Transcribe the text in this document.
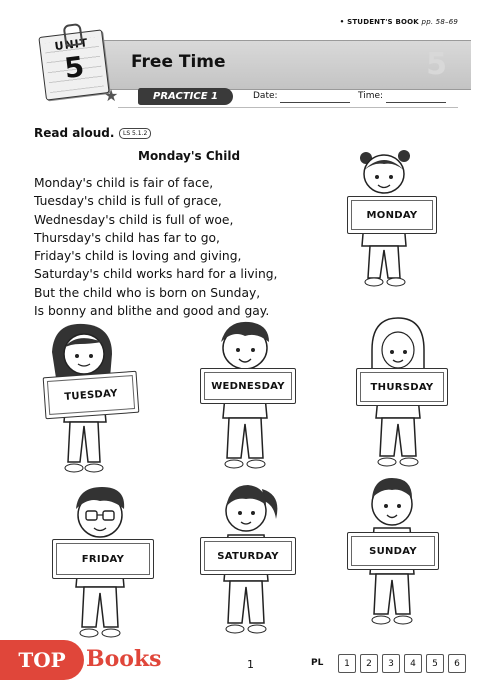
• STUDENT'S BOOK pp. 58–69
5
Free Time
UNIT
5
★	PRACTICE 1	Date:	Time:
Read aloud.	LS 5.1.2
Monday's Child
Monday's child is fair of face,
Tuesday's child is full of grace,
Wednesday's child is full of woe,
Thursday's child has far to go,
Friday's child is loving and giving,
Saturday's child works hard for a living,
But the child who is born on Sunday,
Is bonny and blithe and good and gay.
MONDAY
TUESDAY
WEDNESDAY	THURSDAY
FRIDAY	SATURDAY	SUNDAY
TOP Books	1	PL	1	2	3	4	5	6
